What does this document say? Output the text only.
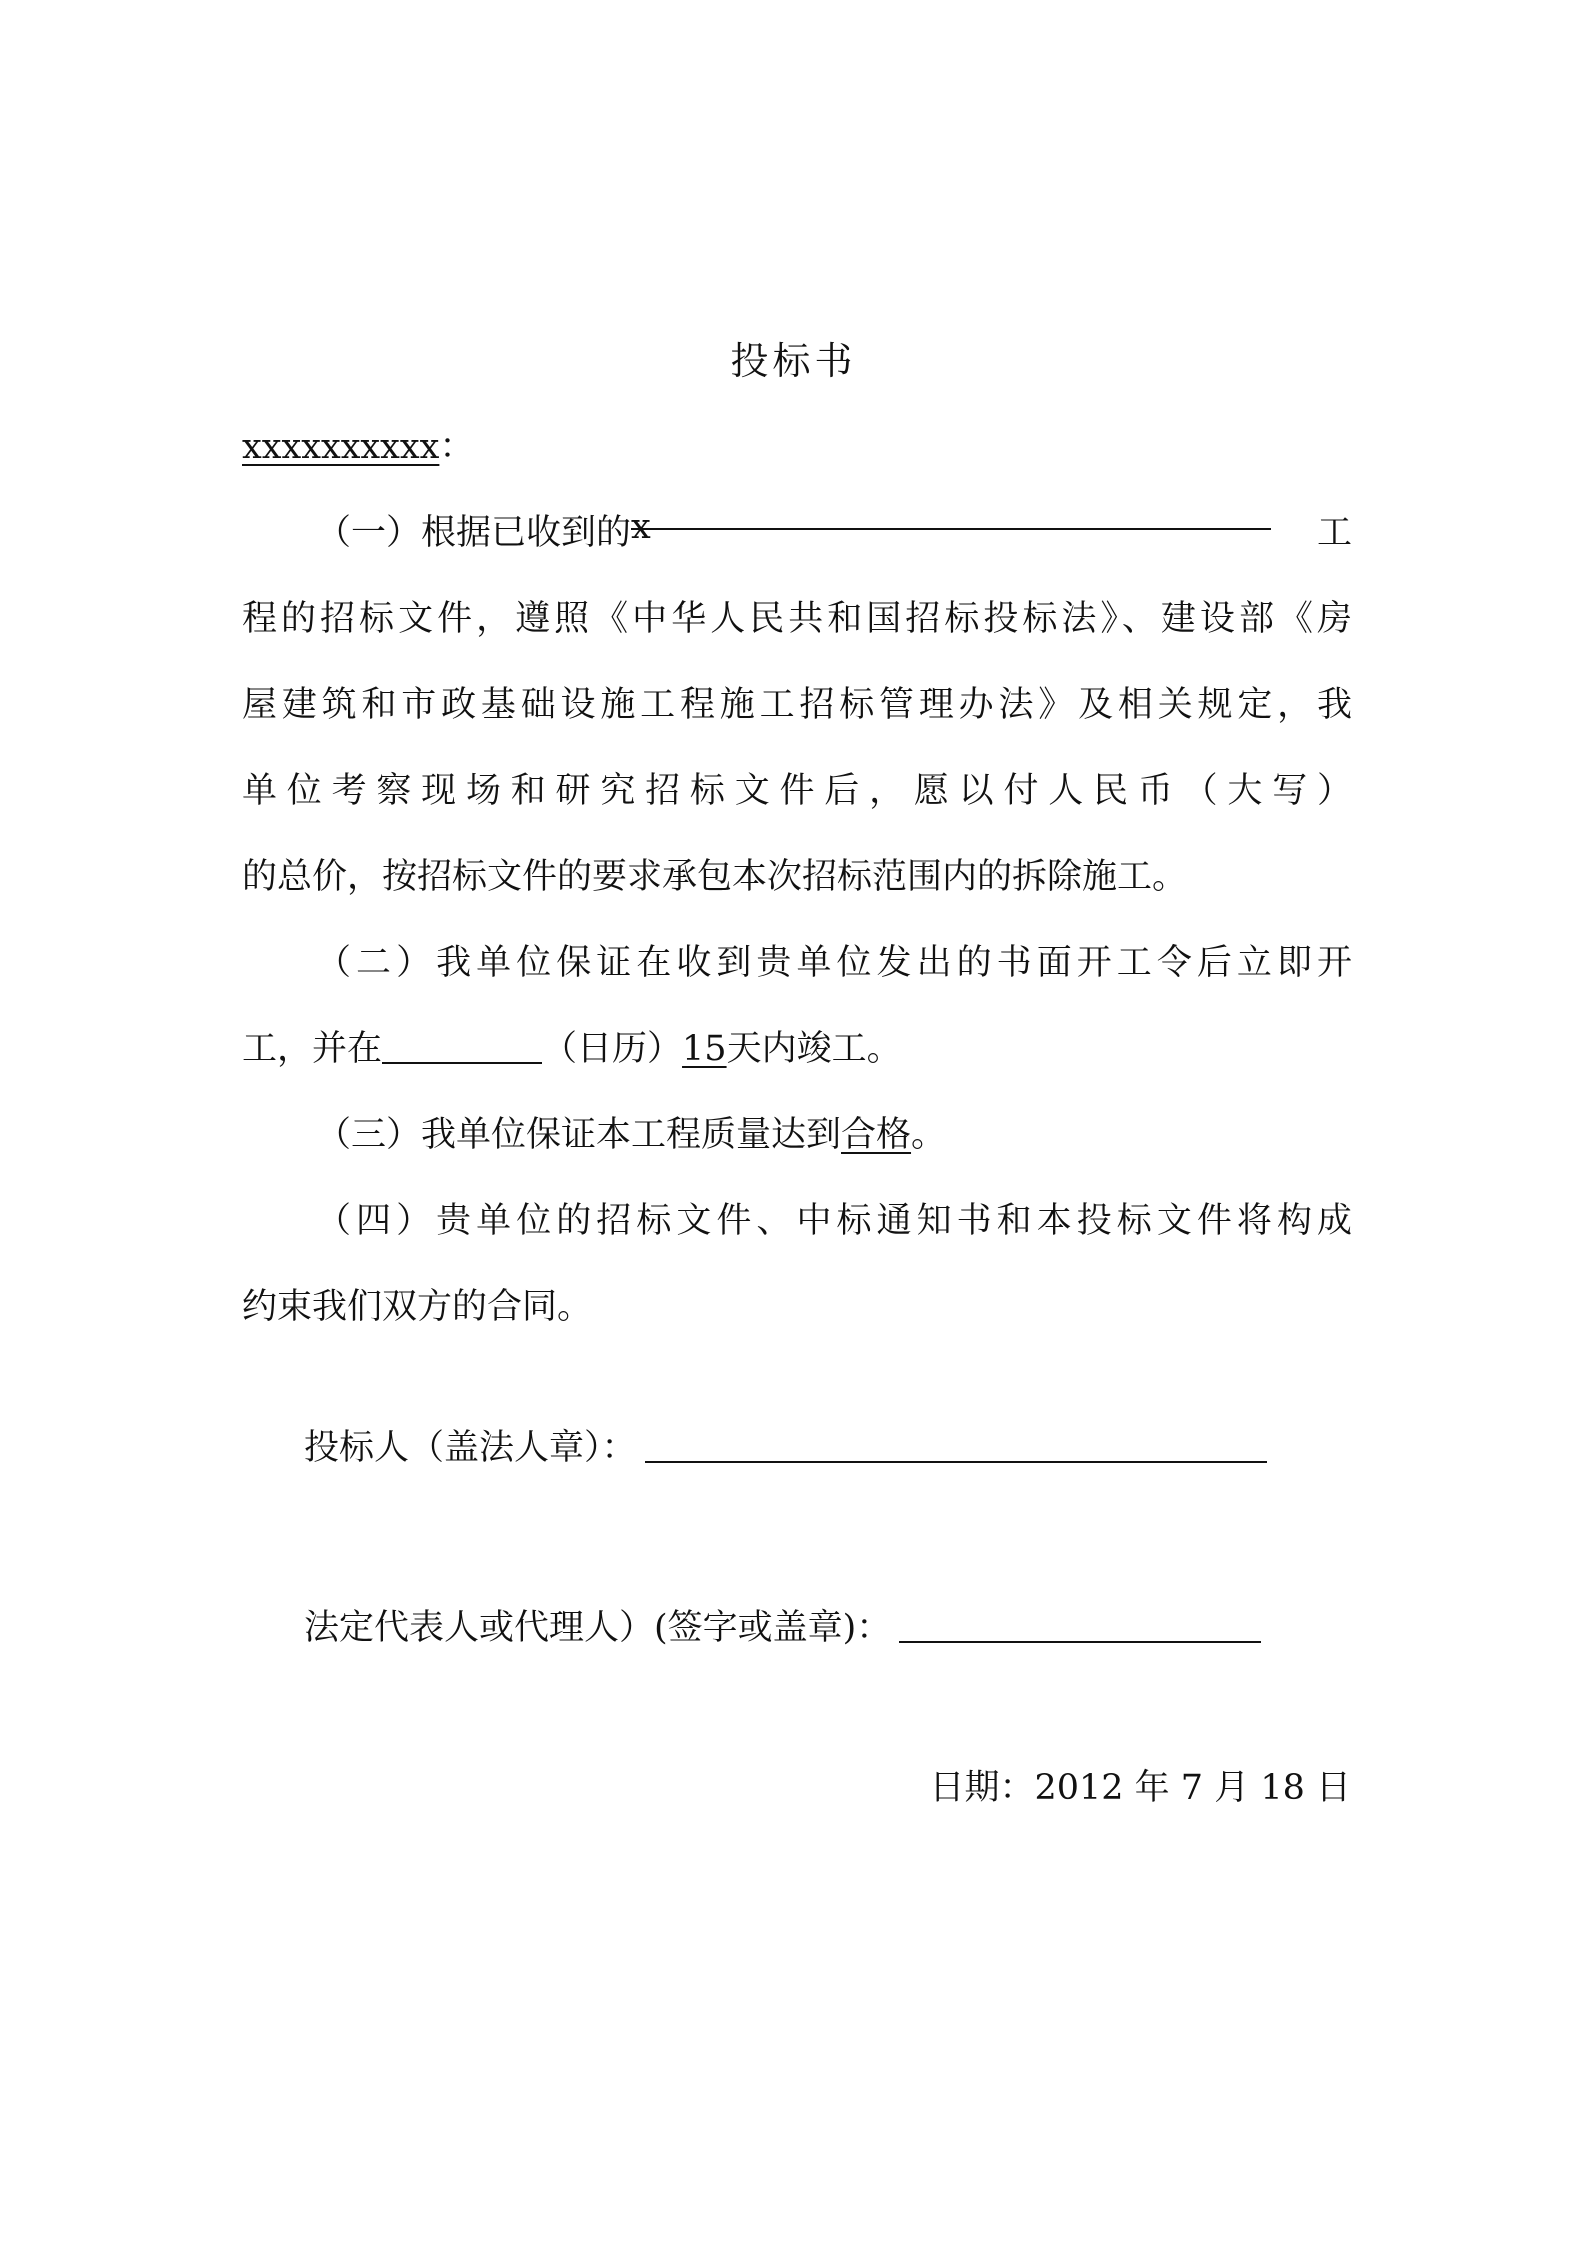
投标书
xxxxxxxxxx：
（一）根据已收到的x	工
程的招标文件，遵照《中华人民共和国招标投标法》、建设部《房
屋建筑和市政基础设施工程施工招标管理办法》及相关规定，我
单位考察现场和研究招标文件后，愿以付人民币（大写）
的总价，按招标文件的要求承包本次招标范围内的拆除施工。
（二）我单位保证在收到贵单位发出的书面开工令后立即开
工，并在	（日历）15天内竣工。
（三）我单位保证本工程质量达到合格。
（四）贵单位的招标文件、中标通知书和本投标文件将构成
约束我们双方的合同。
投标人（盖法人章）：
法定代表人或代理人）(签字或盖章)：
日期：2012 年 7 月 18 日
